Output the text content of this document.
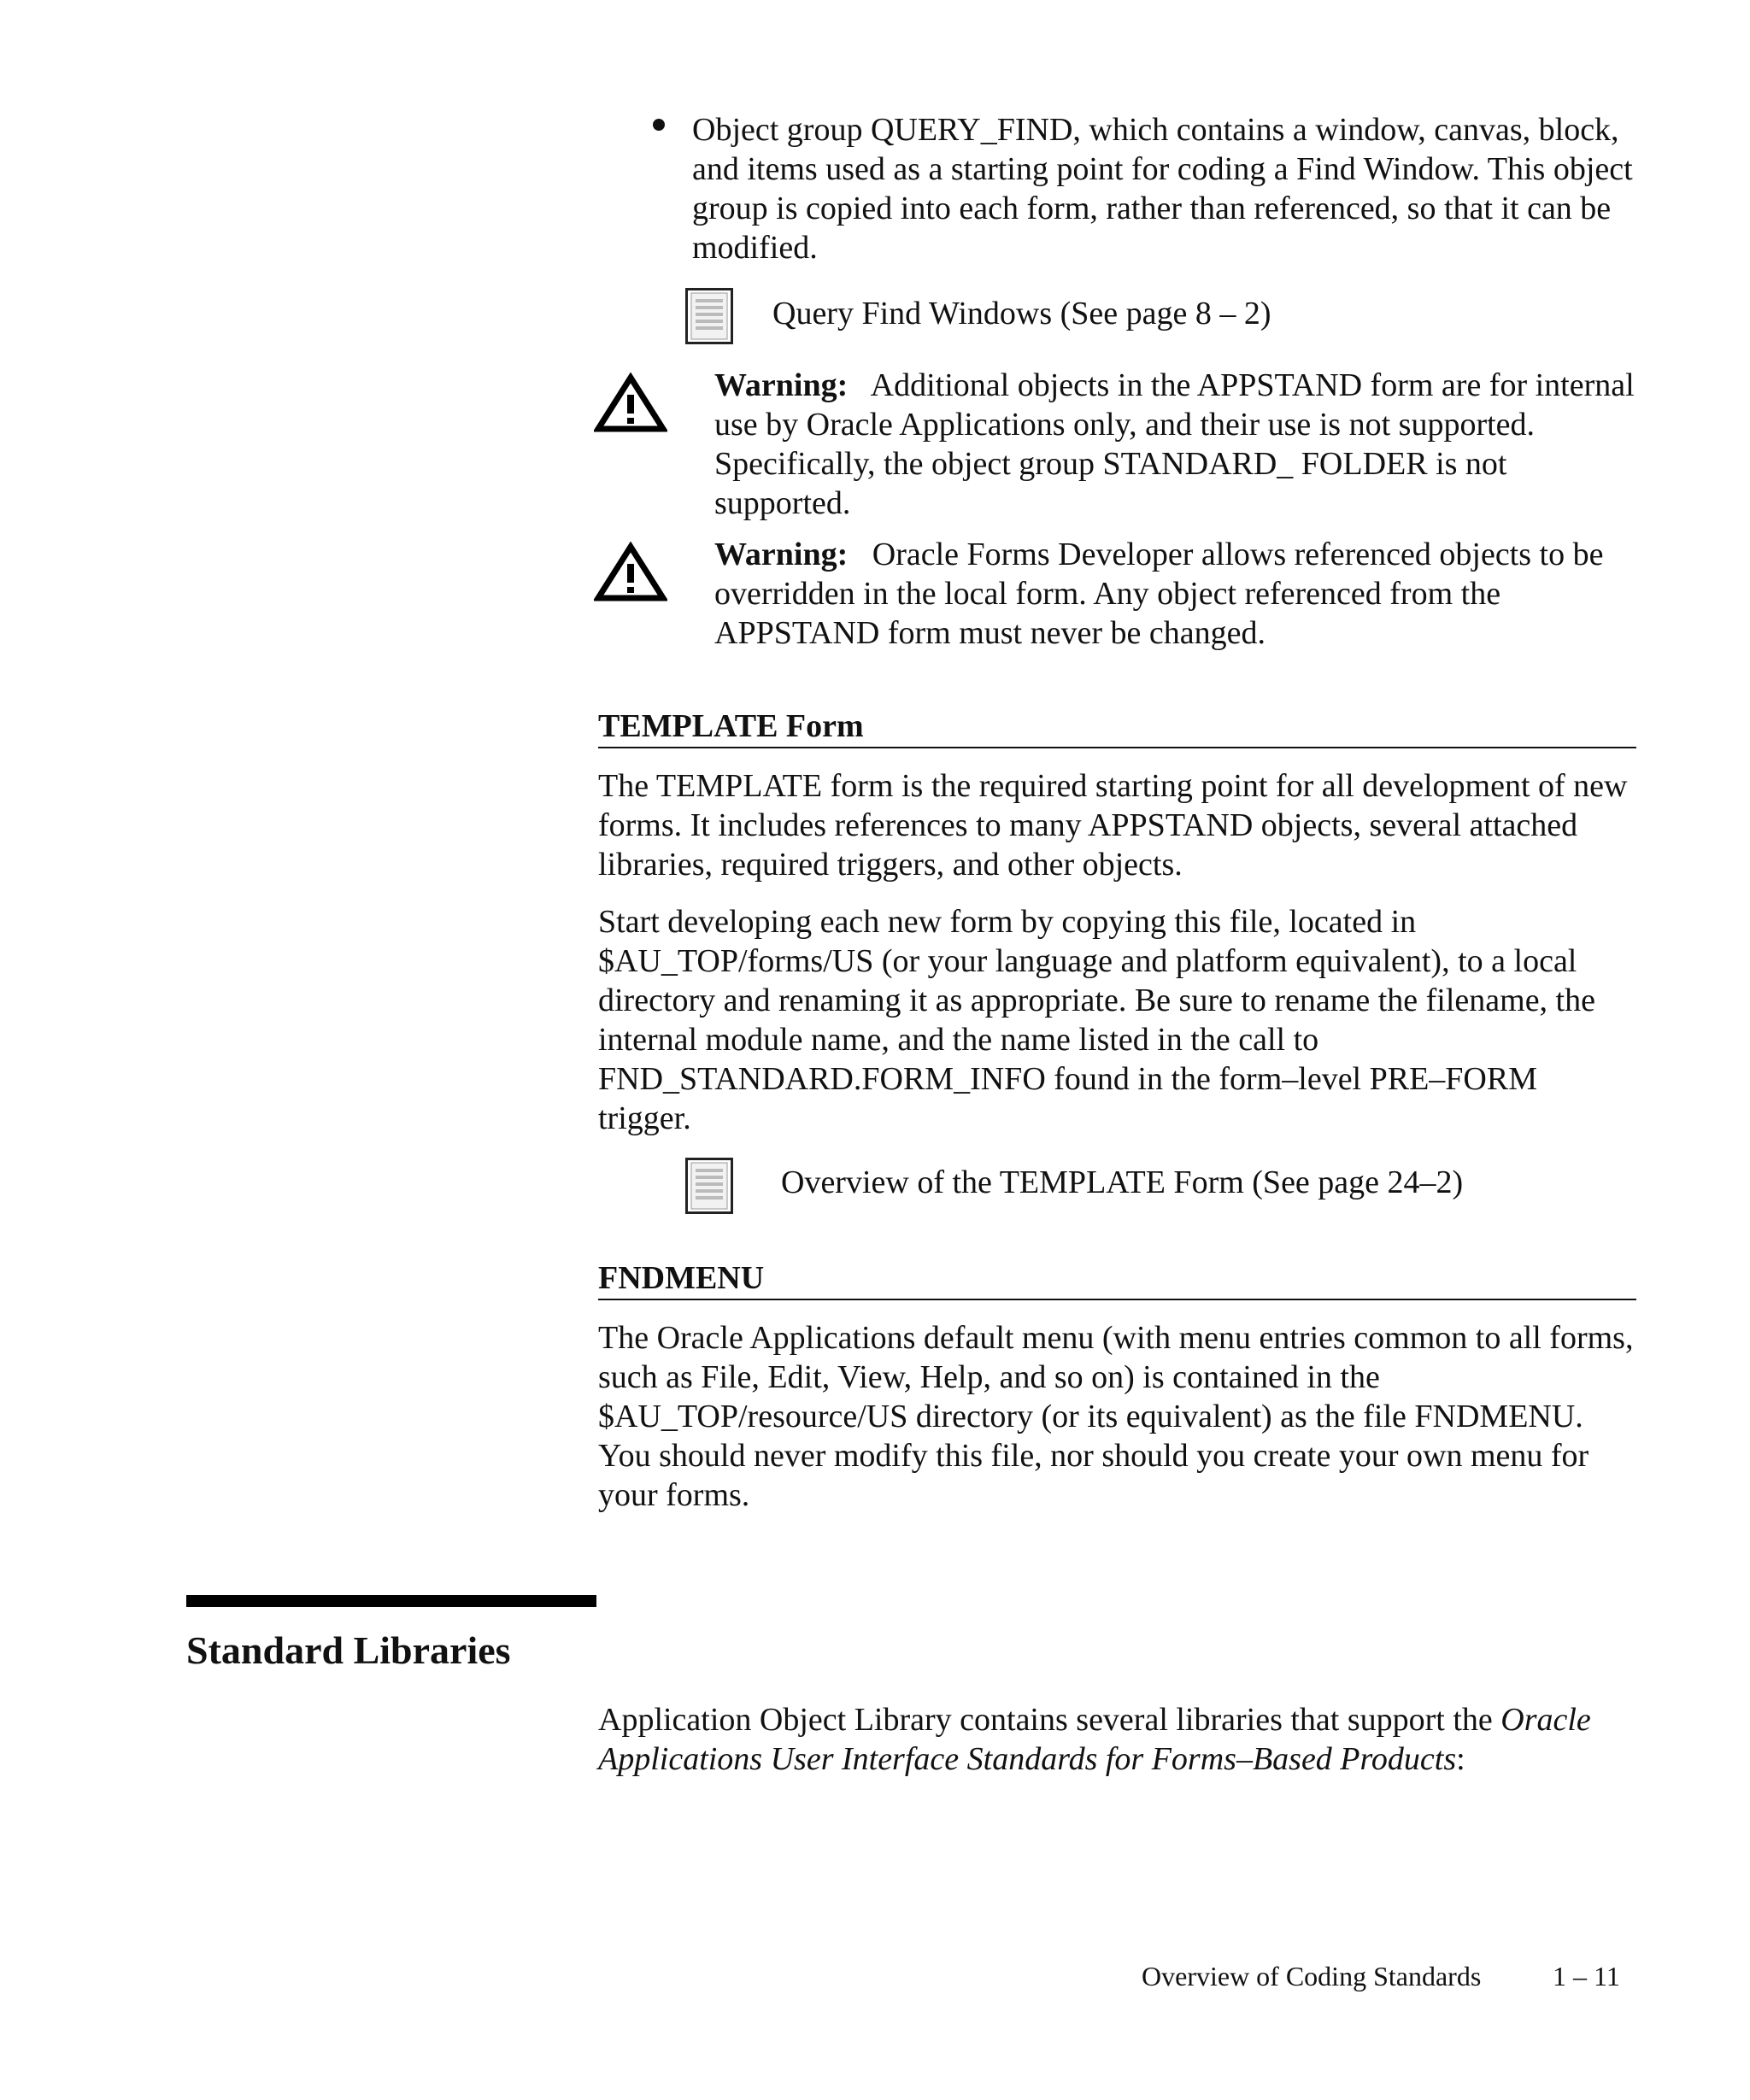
Object group QUERY_FIND, which contains a window, canvas, block, and items used as a starting point for coding a Find Window. This object group is copied into each form, rather than referenced, so that it can be modified.

Query Find Windows (See page 8 – 2)

Warning: Additional objects in the APPSTAND form are for internal use by Oracle Applications only, and their use is not supported. Specifically, the object group STANDARD_ FOLDER is not supported.

Warning: Oracle Forms Developer allows referenced objects to be overridden in the local form. Any object referenced from the APPSTAND form must never be changed.

TEMPLATE Form

The TEMPLATE form is the required starting point for all development of new forms. It includes references to many APPSTAND objects, several attached libraries, required triggers, and other objects.

Start developing each new form by copying this file, located in $AU_TOP/forms/US (or your language and platform equivalent), to a local directory and renaming it as appropriate. Be sure to rename the filename, the internal module name, and the name listed in the call to FND_STANDARD.FORM_INFO found in the form–level PRE–FORM trigger.

Overview of the TEMPLATE Form (See page 24–2)
FNDMENU

The Oracle Applications default menu (with menu entries common to all forms, such as File, Edit, View, Help, and so on) is contained in the $AU_TOP/resource/US directory (or its equivalent) as the file FNDMENU. You should never modify this file, nor should you create your own menu for your forms.

Standard Libraries

Application Object Library contains several libraries that support the Oracle Applications User Interface Standards for Forms–Based Products:

Overview of Coding Standards	1 – 11
